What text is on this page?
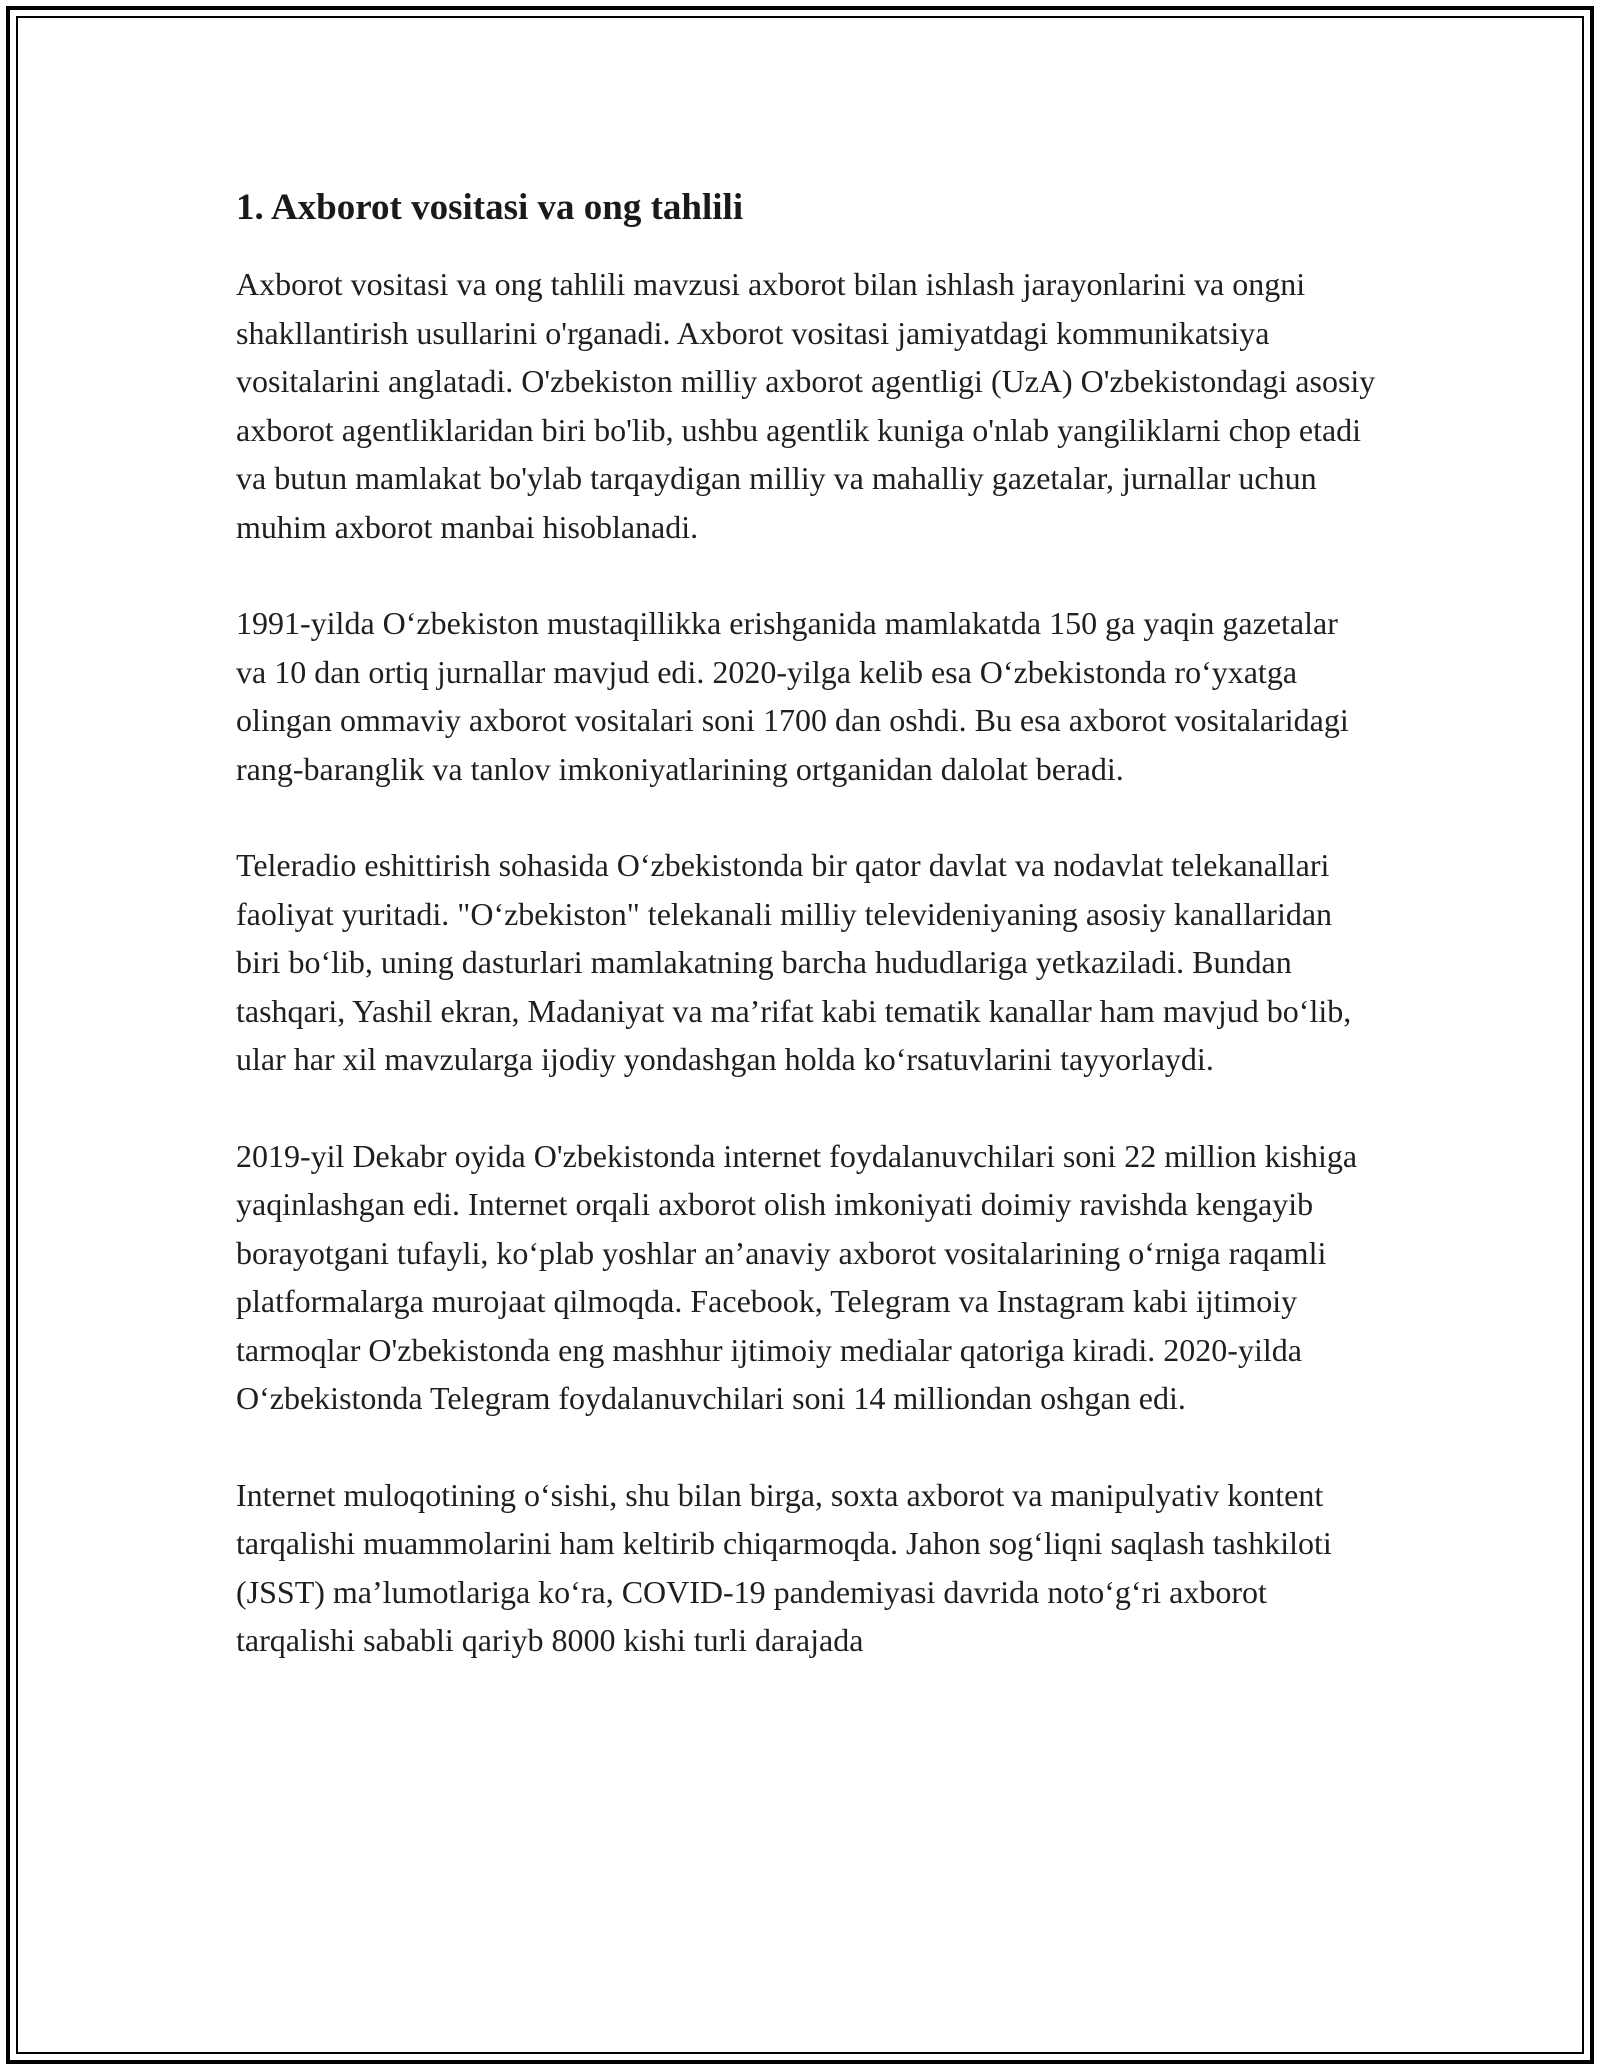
1. Axborot vositasi va ong tahlili

Axborot vositasi va ong tahlili mavzusi axborot bilan ishlash jarayonlarini va ongni shakllantirish usullarini o'rganadi. Axborot vositasi jamiyatdagi kommunikatsiya vositalarini anglatadi. O'zbekiston milliy axborot agentligi (UzA) O'zbekistondagi asosiy axborot agentliklaridan biri bo'lib, ushbu agentlik kuniga o'nlab yangiliklarni chop etadi va butun mamlakat bo'ylab tarqaydigan milliy va mahalliy gazetalar, jurnallar uchun muhim axborot manbai hisoblanadi.

1991-yilda O‘zbekiston mustaqillikka erishganida mamlakatda 150 ga yaqin gazetalar va 10 dan ortiq jurnallar mavjud edi. 2020-yilga kelib esa O‘zbekistonda ro‘yxatga olingan ommaviy axborot vositalari soni 1700 dan oshdi. Bu esa axborot vositalaridagi rang-baranglik va tanlov imkoniyatlarining ortganidan dalolat beradi.

Teleradio eshittirish sohasida O‘zbekistonda bir qator davlat va nodavlat telekanallari faoliyat yuritadi. "O‘zbekiston" telekanali milliy televideniyaning asosiy kanallaridan biri bo‘lib, uning dasturlari mamlakatning barcha hududlariga yetkaziladi. Bundan tashqari, Yashil ekran, Madaniyat va ma’rifat kabi tematik kanallar ham mavjud bo‘lib, ular har xil mavzularga ijodiy yondashgan holda ko‘rsatuvlarini tayyorlaydi.

2019-yil Dekabr oyida O'zbekistonda internet foydalanuvchilari soni 22 million kishiga yaqinlashgan edi. Internet orqali axborot olish imkoniyati doimiy ravishda kengayib borayotgani tufayli, ko‘plab yoshlar an’anaviy axborot vositalarining o‘rniga raqamli platformalarga murojaat qilmoqda. Facebook, Telegram va Instagram kabi ijtimoiy tarmoqlar O'zbekistonda eng mashhur ijtimoiy medialar qatoriga kiradi. 2020-yilda O‘zbekistonda Telegram foydalanuvchilari soni 14 milliondan oshgan edi.

Internet muloqotining o‘sishi, shu bilan birga, soxta axborot va manipulyativ kontent tarqalishi muammolarini ham keltirib chiqarmoqda. Jahon sog‘liqni saqlash tashkiloti (JSST) ma’lumotlariga ko‘ra, COVID-19 pandemiyasi davrida noto‘g‘ri axborot tarqalishi sababli qariyb 8000 kishi turli darajada
